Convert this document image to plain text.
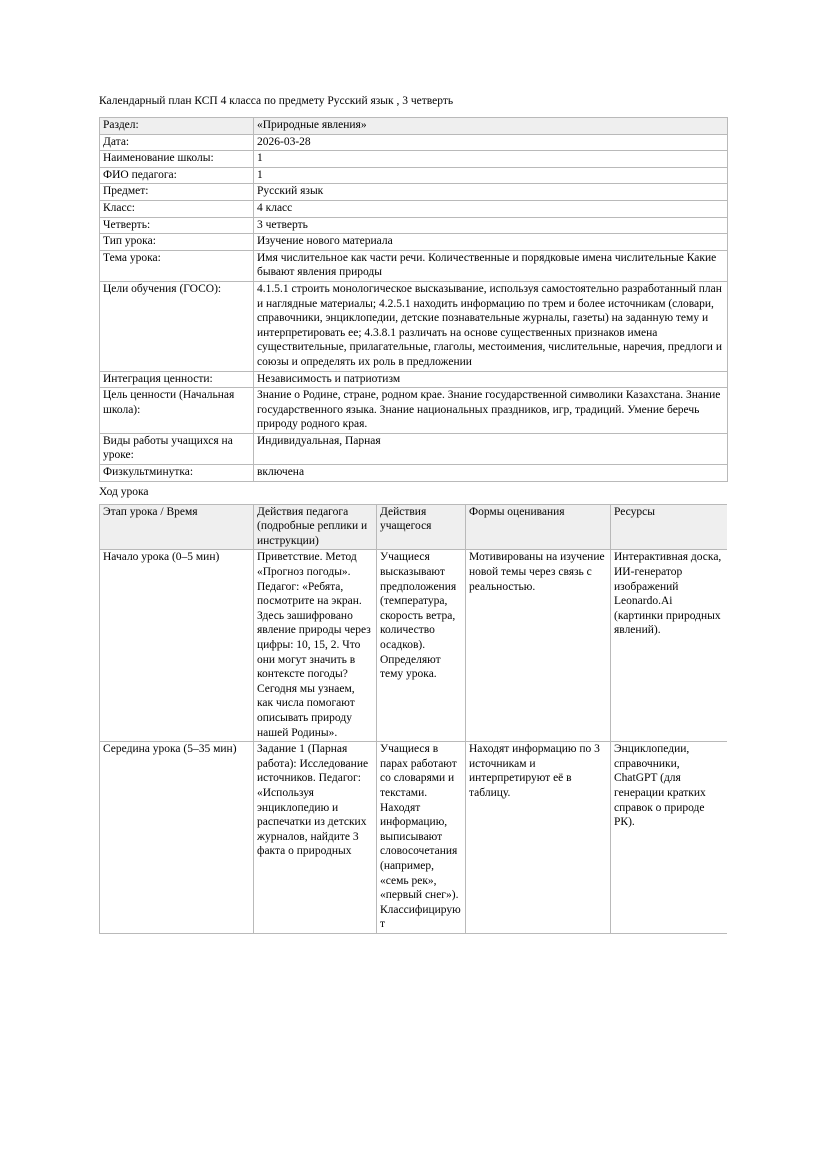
Календарный план КСП 4 класса по предмету Русский язык , 3 четверть

Раздел:	«Природные явления»
Дата:	2026-03-28
Наименование школы:	1
ФИО педагога:	1
Предмет:	Русский язык
Класс:	4 класс
Четверть:	3 четверть
Тип урока:	Изучение нового материала
Тема урока:	Имя числительное как части речи. Количественные и порядковые имена числительные Какие бывают явления природы
Цели обучения (ГОСО):	4.1.5.1 строить монологическое высказывание, используя самостоятельно разработанный план и наглядные материалы; 4.2.5.1 находить информацию по трем и более источникам (словари, справочники, энциклопедии, детские познавательные журналы, газеты) на заданную тему и интерпретировать ее; 4.3.8.1 различать на основе существенных признаков имена существительные, прилагательные, глаголы, местоимения, числительные, наречия, предлоги и союзы и определять их роль в предложении
Интеграция ценности:	Независимость и патриотизм
Цель ценности (Начальная школа):	Знание о Родине, стране, родном крае. Знание государственной символики Казахстана. Знание государственного языка. Знание национальных праздников, игр, традиций. Умение беречь природу родного края.
Виды работы учащихся на уроке:	Индивидуальная, Парная
Физкультминутка:	включена

Ход урока

Этап урока / Время	Действия педагога (подробные реплики и инструкции)	Действия учащегося	Формы оценивания	Ресурсы
Начало урока (0–5 мин)	Приветствие. Метод «Прогноз погоды». Педагог: «Ребята, посмотрите на экран. Здесь зашифровано явление природы через цифры: 10, 15, 2. Что они могут значить в контексте погоды? Сегодня мы узнаем, как числа помогают описывать природу нашей Родины».	Учащиеся высказывают предположения (температура, скорость ветра, количество осадков). Определяют тему урока.	Мотивированы на изучение новой темы через связь с реальностью.	Интерактивная доска, ИИ-генератор изображений Leonardo.Ai (картинки природных явлений).
Середина урока (5–35 мин)	Задание 1 (Парная работа): Исследование источников. Педагог: «Используя энциклопедию и распечатки из детских журналов, найдите 3 факта о природных	Учащиеся в парах работают со словарями и текстами. Находят информацию, выписывают словосочетания (например, «семь рек», «первый снег»). Классифицируют	Находят информацию по 3 источникам и интерпретируют её в таблицу.	Энциклопедии, справочники, ChatGPT (для генерации кратких справок о природе РК).
